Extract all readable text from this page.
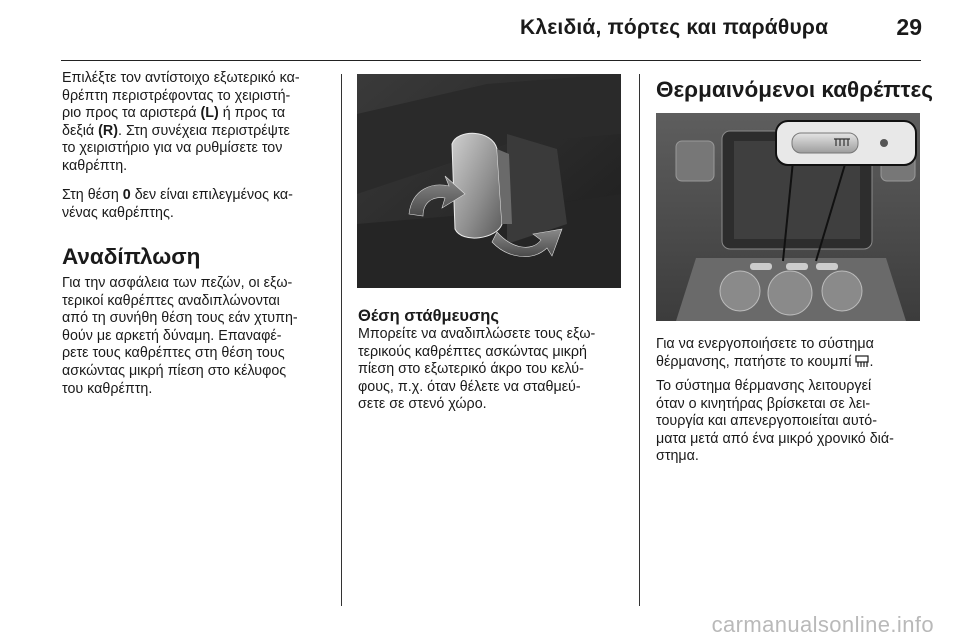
Κλειδιά, πόρτες και παράθυρα	29
Επιλέξτε τον αντίστοιχο εξωτερικό κα-
θρέπτη περιστρέφοντας το χειριστή-
ριο προς τα αριστερά (L) ή προς τα
δεξιά (R). Στη συνέχεια περιστρέψτε
το χειριστήριο για να ρυθμίσετε τον
καθρέπτη.
Στη θέση 0 δεν είναι επιλεγμένος κα-
νένας καθρέπτης.
Αναδίπλωση
Για την ασφάλεια των πεζών, οι εξω-
τερικοί καθρέπτες αναδιπλώνονται
από τη συνήθη θέση τους εάν χτυπη-
θούν με αρκετή δύναμη. Επαναφέ-
ρετε τους καθρέπτες στη θέση τους
ασκώντας μικρή πίεση στο κέλυφος
του καθρέπτη.
Θέση στάθμευσης
Μπορείτε να αναδιπλώσετε τους εξω-
τερικούς καθρέπτες ασκώντας μικρή
πίεση στο εξωτερικό άκρο του κελύ-
φους, π.χ. όταν θέλετε να σταθμεύ-
σετε σε στενό χώρο.
Θερμαινόμενοι καθρέπτες
Για να ενεργοποιήσετε το σύστημα
θέρμανσης, πατήστε το κουμπί .
Το σύστημα θέρμανσης λειτουργεί
όταν ο κινητήρας βρίσκεται σε λει-
τουργία και απενεργοποιείται αυτό-
ματα μετά από ένα μικρό χρονικό διά-
στημα.
carmanualsonline.info
